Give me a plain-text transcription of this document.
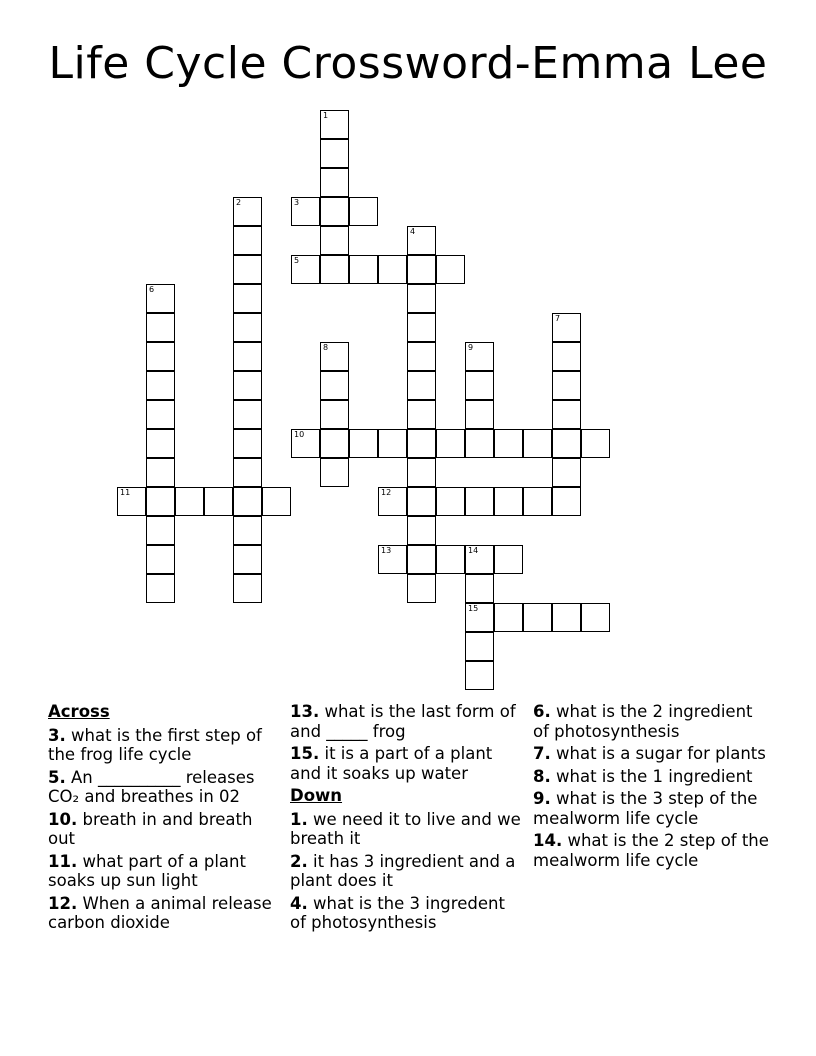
Life Cycle Crossword-Emma Lee
1
2	3
4
5
6
7
8	9
10
11	12
13	14
15
Across
3. what is the first step of the frog life cycle
5. An __________ releases CO₂ and breathes in 02
10. breath in and breath out
11. what part of a plant soaks up sun light
12. When a animal release carbon dioxide
13. what is the last form of and _____ frog
15. it is a part of a plant and it soaks up water
Down
1. we need it to live and we breath it
2. it has 3 ingredient and a plant does it
4. what is the 3 ingredent of photosynthesis
6. what is the 2 ingredient of photosynthesis
7. what is a sugar for plants
8. what is the 1 ingredient
9. what is the 3 step of the mealworm life cycle
14. what is the 2 step of the mealworm life cycle
